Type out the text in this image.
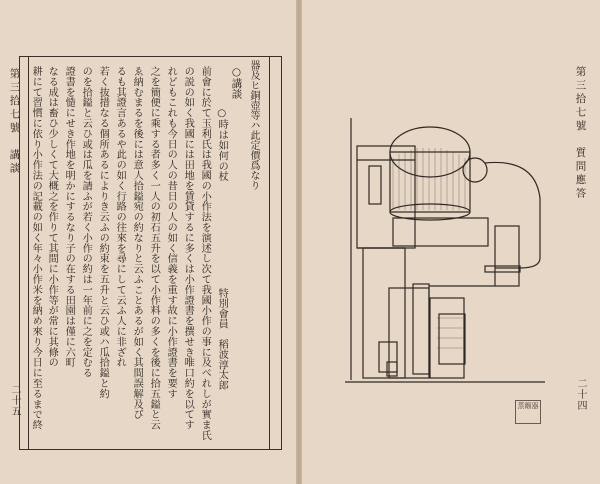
第三拾七號　講談
二十五
器及ヒ銅壺等ハ此定價爲なり
○講談
特別會員　稻波淳太郎
○時は如何の杖
前會に於て玉利氏は我國の小作法を演述し次て我國小作の事に及べれしが實ま氏
の説の如く我國には田地を賃貸するに多くは小作證書を撰せき唯口約を以てす
れどもこれも今日の人の昔日の人の如く信義を重す故に小作證書を要す
之を簡便に乘する者多く一人の初石五升を以て小作料の多くを後に拾五鎰と云
ゑ納むまるを後には意人拾鎰宛の約なりと云ふことあるが如く其間誤解及び
るも其證言あるや此の如く行路の往來を尋にして云ふ人に非ざれ
若く抜措なる個所あるによりき云ふの約束を五升と云ひ或ハ瓜拾鎰と約
のを拾鎰と云ひ或は瓜を請ふが若く小作の約は一年前に之を定むる
證書を慥にせき作地を明かにするなり子の在する田園は僅に六町
なる成は畜ひ少しくて大概之を作りて其間に小作等が常に其條の
耕にて習慣に依り小作法の記載の如く年々小作米を納め來り今日に至るまで終	第三拾七號　質問應答
二十四
蒸餾器
